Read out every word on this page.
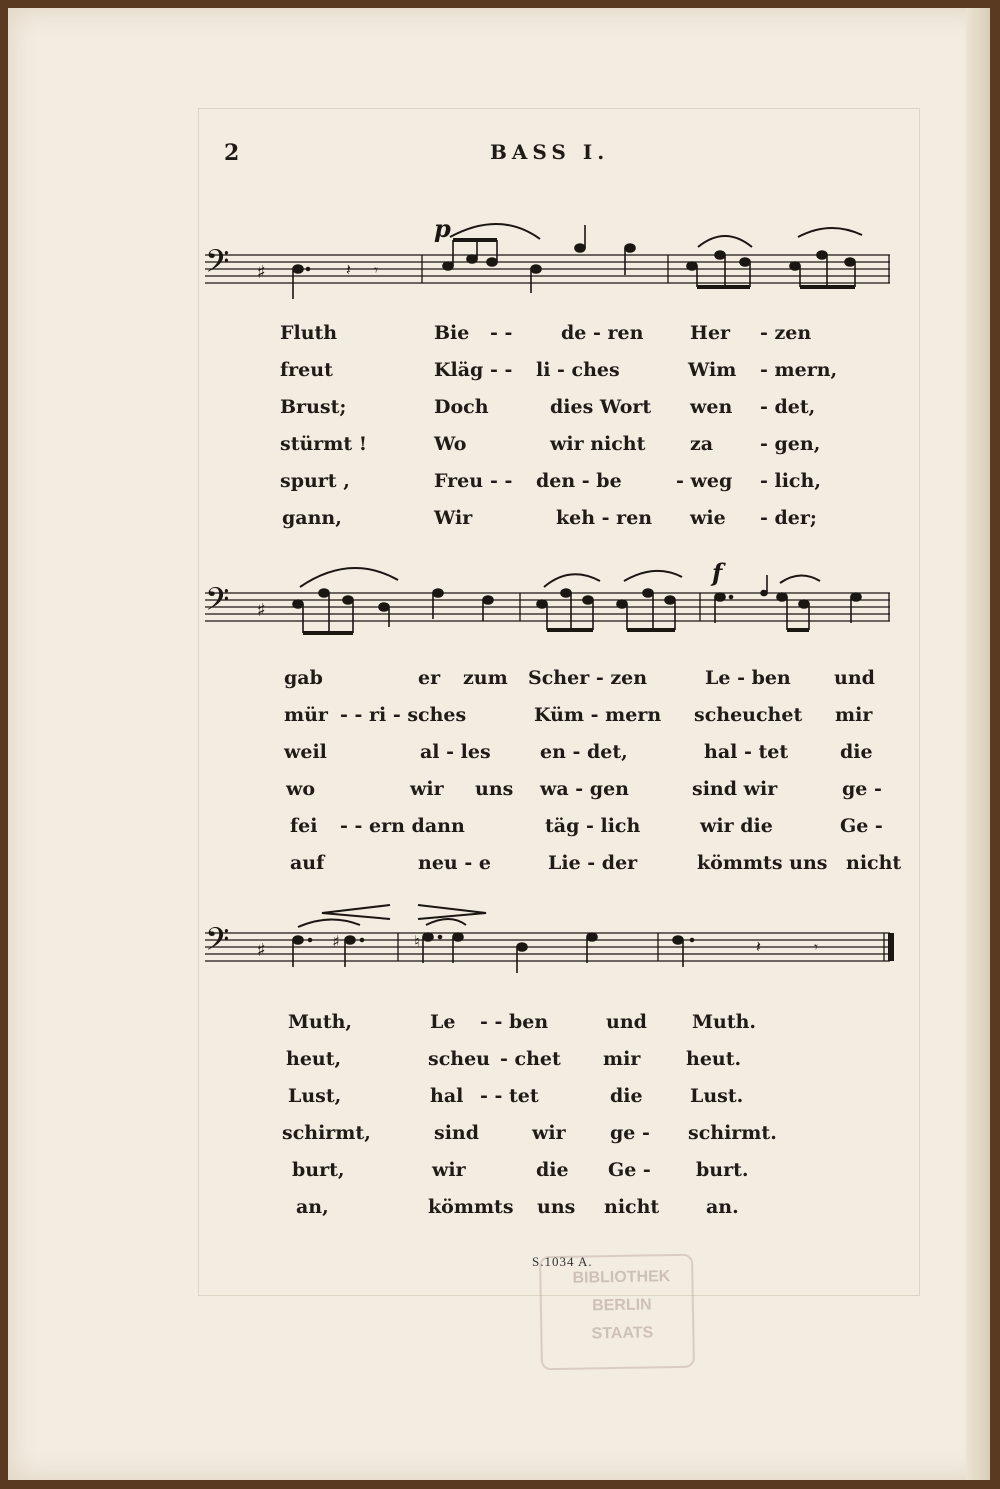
2	BASS I.
𝄢 ♯	𝄽 𝄾
p
Fluth	Bie - -	de - ren Her - zen
freut	Kläg - - li - ches	Wim - mern,
Brust;	Doch	dies Wort wen - det,
stürmt !	Wo	wir nicht za - gen,
spurt ,	Freu - - den - be	- weg - lich,
gann,	Wir	keh - ren wie - der;
𝄢 ♯
f
gab	er zum Scher - zen	Le - ben und
mür - - ri - sches	Küm - mern scheuchet mir
weil	al - les	en - det,	hal - tet	die
wo	wir uns wa - gen	sind wir	ge -
fei - - ern dann	täg - lich	wir die	Ge -
auf	neu - e	Lie - der	kömmts uns nicht
𝄢 ♯	♯	♮	𝄽	𝄾
Muth,	Le - - ben	und Muth.
heut,	scheu - chet mir heut.
Lust,	hal - - tet	die Lust.
schirmt,	sind	wir ge - schirmt.
burt,	wir	die Ge - burt.
an,	kömmts uns nicht an.
BIBLIOTHEK
BERLIN
STAATS
S.1034 A.
